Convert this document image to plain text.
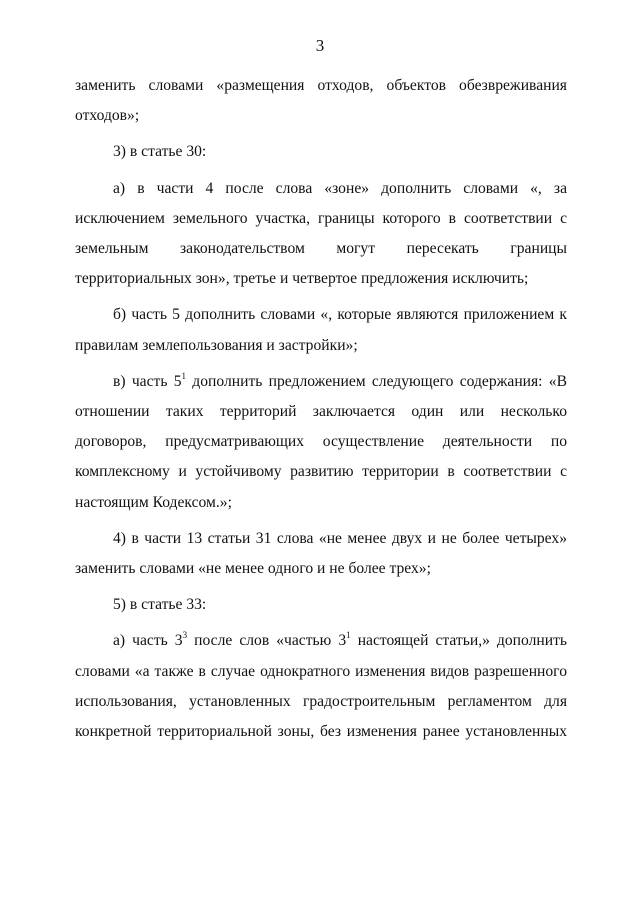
3

заменить словами «размещения отходов, объектов обезвреживания отходов»;

3) в статье 30:

а) в части 4 после слова «зоне» дополнить словами «, за исключением земельного участка, границы которого в соответствии с земельным законодательством могут пересекать границы территориальных зон», третье и четвертое предложения исключить;

б) часть 5 дополнить словами «, которые являются приложением к правилам землепользования и застройки»;

в) часть $5^1$ дополнить предложением следующего содержания: «В отношении таких территорий заключается один или несколько договоров, предусматривающих осуществление деятельности по комплексному и устойчивому развитию территории в соответствии с настоящим Кодексом.»;

4) в части 13 статьи 31 слова «не менее двух и не более четырех» заменить словами «не менее одного и не более трех»;

5) в статье 33:

а) часть $3^3$ после слов «частью $3^1$ настоящей статьи,» дополнить словами «а также в случае однократного изменения видов разрешенного использования, установленных градостроительным регламентом для конкретной территориальной зоны, без изменения ранее установленных
